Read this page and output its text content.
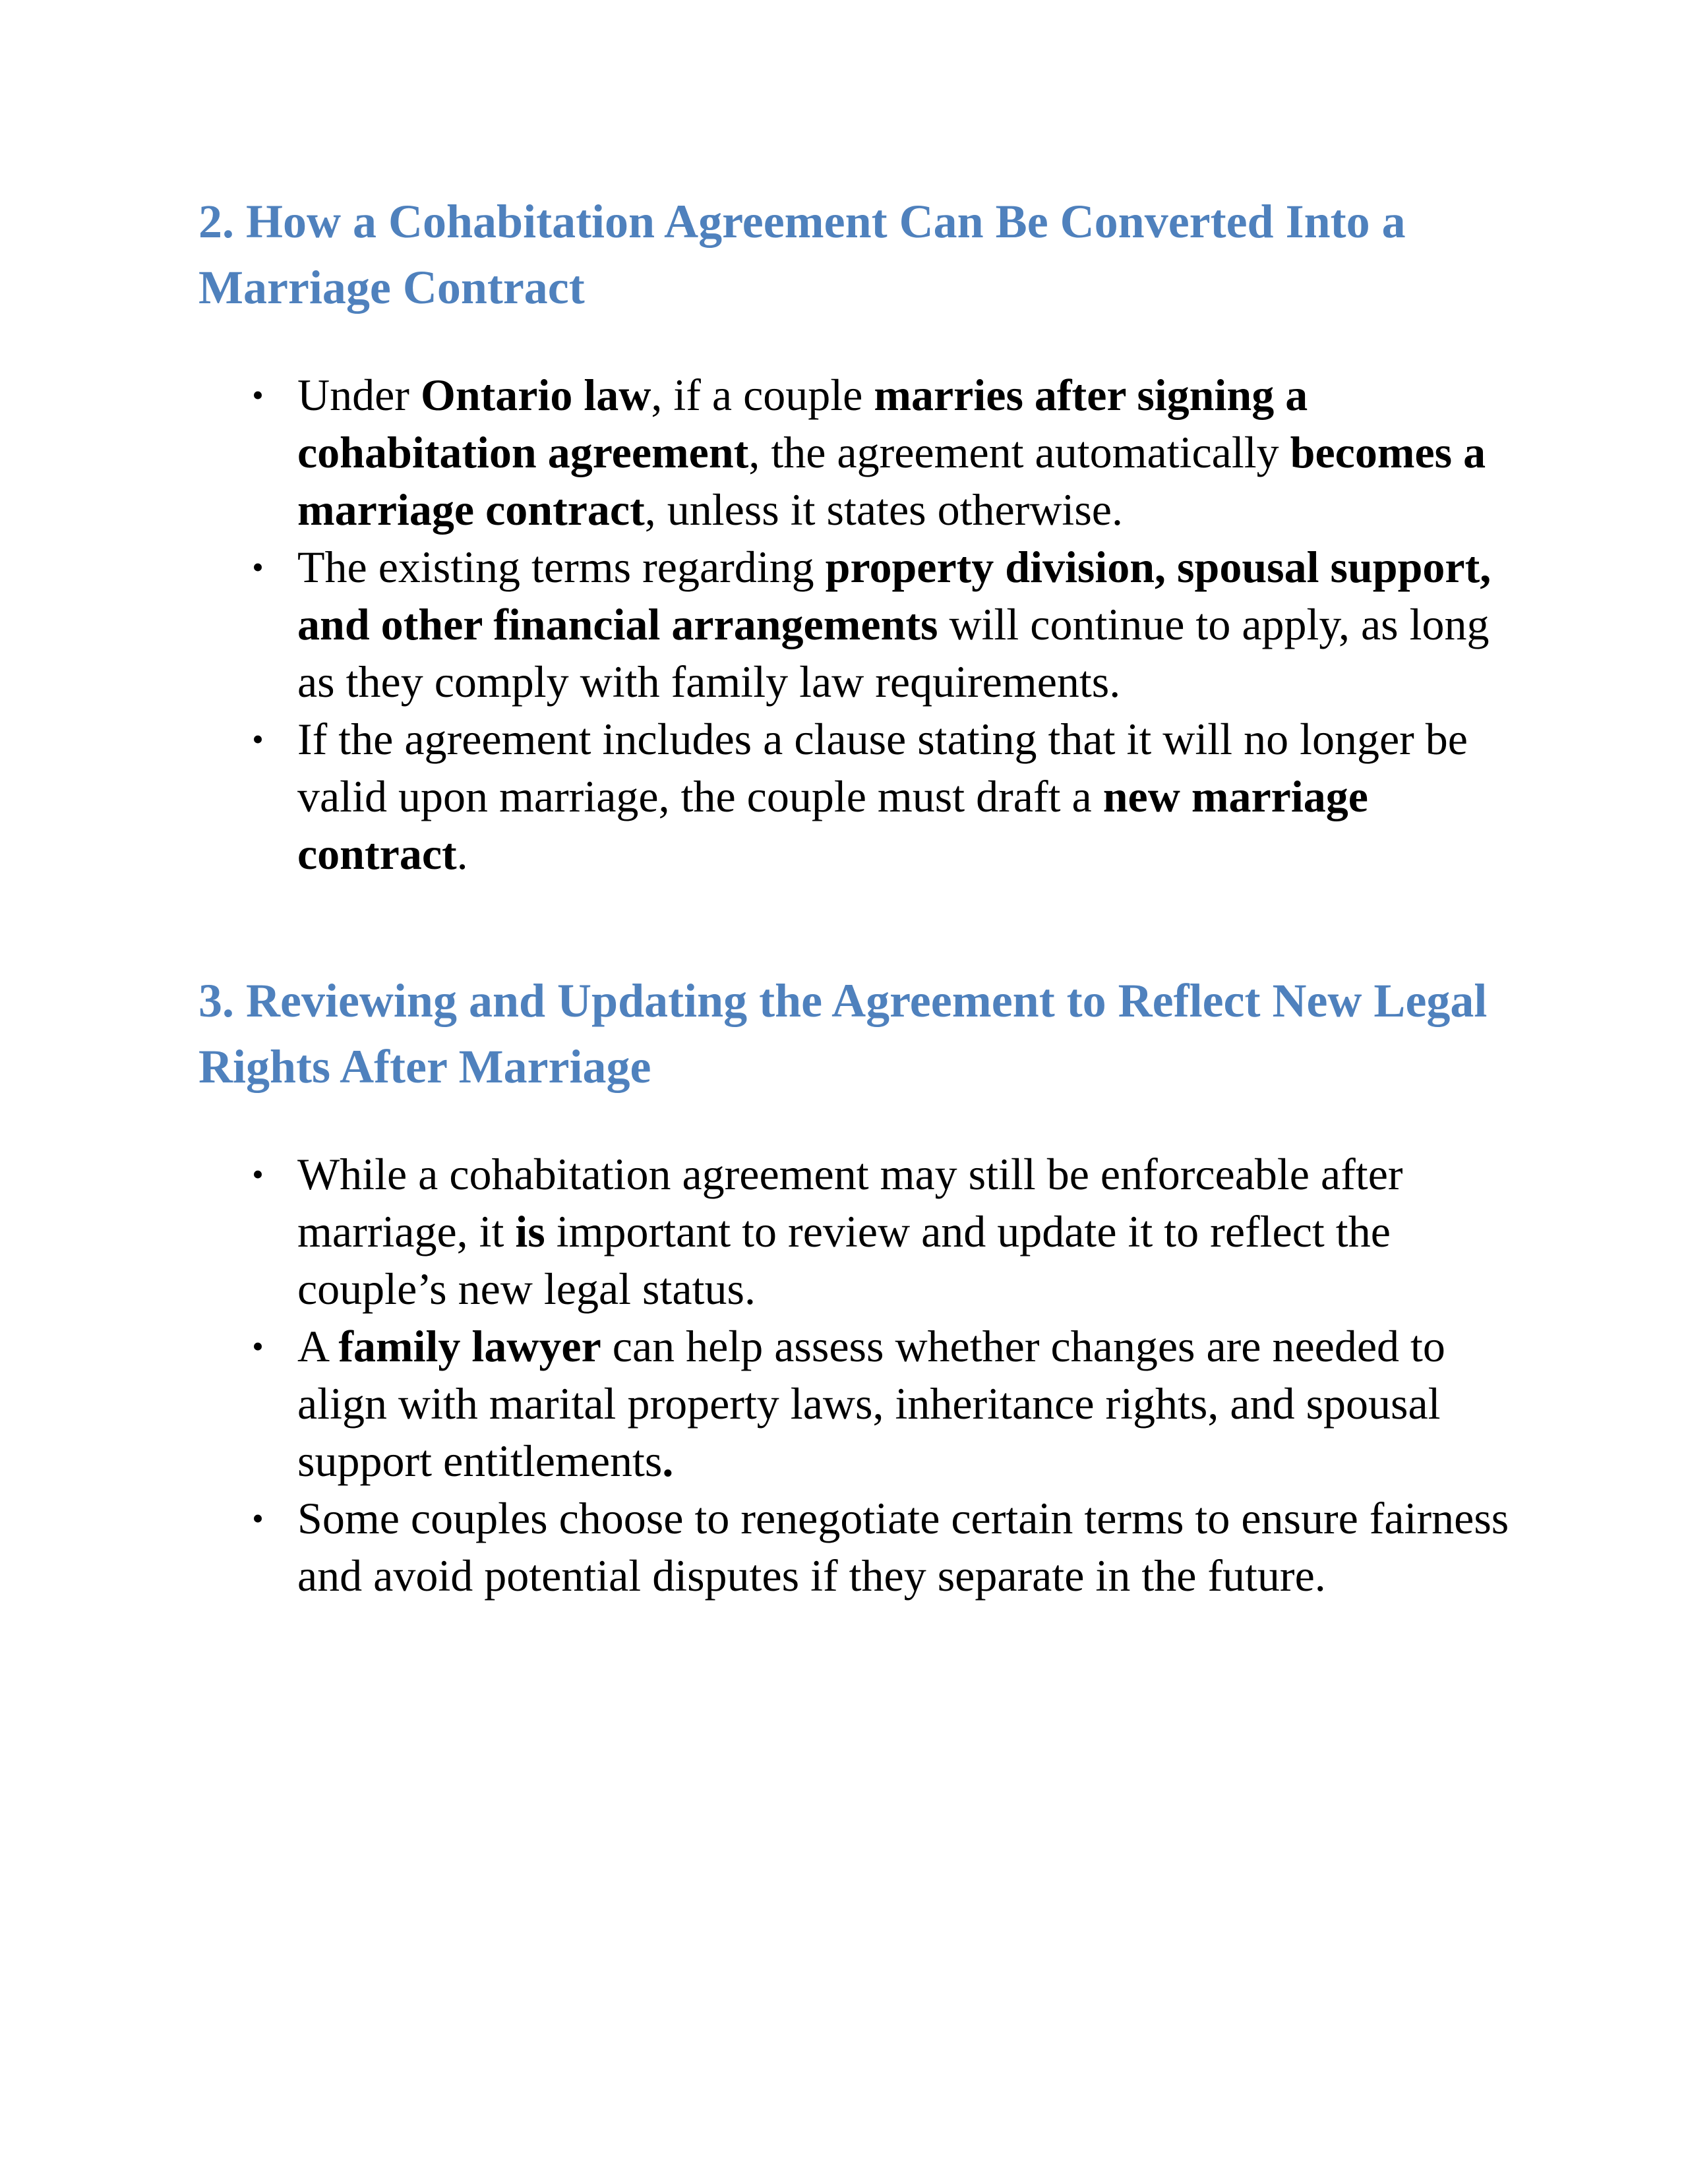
2. How a Cohabitation Agreement Can Be Converted Into a Marriage Contract
• Under Ontario law, if a couple marries after signing a cohabitation agreement, the agreement automatically becomes a marriage contract, unless it states otherwise.
• The existing terms regarding property division, spousal support, and other financial arrangements will continue to apply, as long as they comply with family law requirements.
• If the agreement includes a clause stating that it will no longer be valid upon marriage, the couple must draft a new marriage contract.
3. Reviewing and Updating the Agreement to Reflect New Legal Rights After Marriage
• While a cohabitation agreement may still be enforceable after marriage, it is important to review and update it to reflect the couple’s new legal status.
• A family lawyer can help assess whether changes are needed to align with marital property laws, inheritance rights, and spousal support entitlements.
• Some couples choose to renegotiate certain terms to ensure fairness and avoid potential disputes if they separate in the future.
